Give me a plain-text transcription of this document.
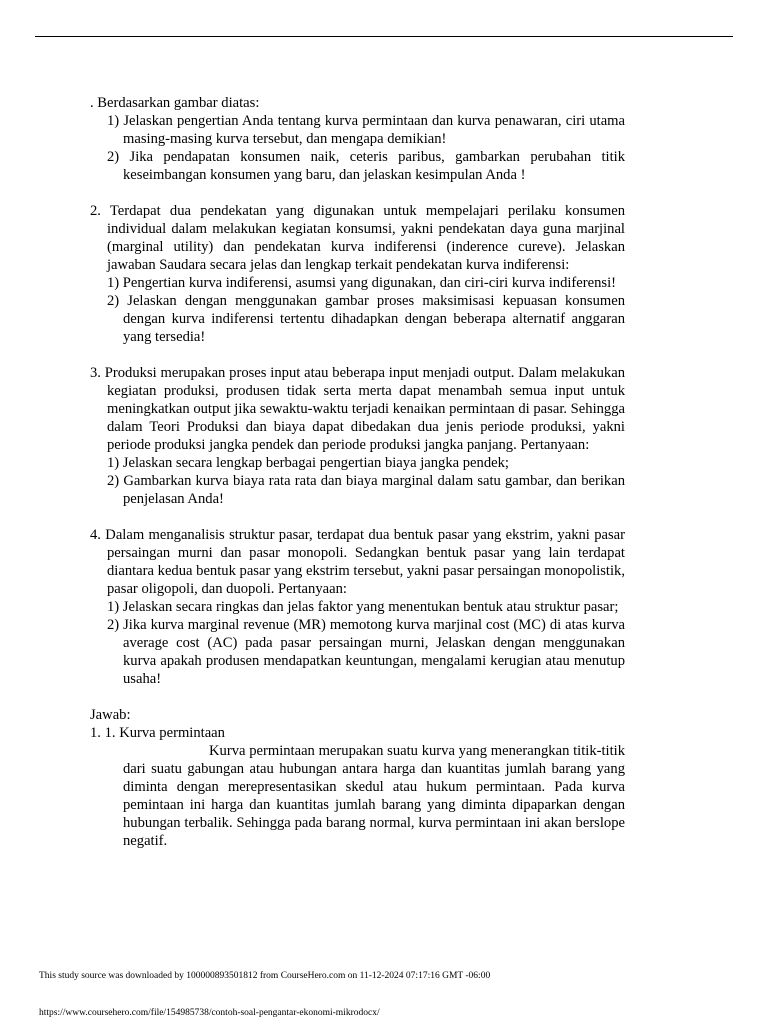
. Berdasarkan gambar diatas:

1) Jelaskan pengertian Anda tentang kurva permintaan dan kurva penawaran, ciri utama masing-masing kurva tersebut, dan mengapa demikian!

2) Jika pendapatan konsumen naik, ceteris paribus, gambarkan perubahan titik keseimbangan konsumen yang baru, dan jelaskan kesimpulan Anda !

2. Terdapat dua pendekatan yang digunakan untuk mempelajari perilaku konsumen individual dalam melakukan kegiatan konsumsi, yakni pendekatan daya guna marjinal (marginal utility) dan pendekatan kurva indiferensi (inderence cureve). Jelaskan jawaban Saudara secara jelas dan lengkap terkait pendekatan kurva indiferensi:

1) Pengertian kurva indiferensi, asumsi yang digunakan, dan ciri-ciri kurva indiferensi!

2) Jelaskan dengan menggunakan gambar proses maksimisasi kepuasan konsumen dengan kurva indiferensi tertentu dihadapkan dengan beberapa alternatif anggaran yang tersedia!

3. Produksi merupakan proses input atau beberapa input menjadi output. Dalam melakukan kegiatan produksi, produsen tidak serta merta dapat menambah semua input untuk meningkatkan output jika sewaktu-waktu terjadi kenaikan permintaan di pasar. Sehingga dalam Teori Produksi dan biaya dapat dibedakan dua jenis periode produksi, yakni periode produksi jangka pendek dan periode produksi jangka panjang. Pertanyaan:

1) Jelaskan secara lengkap berbagai pengertian biaya jangka pendek;

2) Gambarkan kurva biaya rata rata dan biaya marginal dalam satu gambar, dan berikan penjelasan Anda!

4. Dalam menganalisis struktur pasar, terdapat dua bentuk pasar yang ekstrim, yakni pasar persaingan murni dan pasar monopoli. Sedangkan bentuk pasar yang lain terdapat diantara kedua bentuk pasar yang ekstrim tersebut, yakni pasar persaingan monopolistik, pasar oligopoli, dan duopoli. Pertanyaan:

1) Jelaskan secara ringkas dan jelas faktor yang menentukan bentuk atau struktur pasar;

2) Jika kurva marginal revenue (MR) memotong kurva marjinal cost (MC) di atas kurva average cost (AC) pada pasar persaingan murni, Jelaskan dengan menggunakan kurva apakah produsen mendapatkan keuntungan, mengalami kerugian atau menutup usaha!

Jawab:

1. 1. Kurva permintaan

Kurva permintaan merupakan suatu kurva yang menerangkan titik-titik dari suatu gabungan atau hubungan antara harga dan kuantitas jumlah barang yang diminta dengan merepresentasikan skedul atau hukum permintaan. Pada kurva pemintaan ini harga dan kuantitas jumlah barang yang diminta dipaparkan dengan hubungan terbalik. Sehingga pada barang normal, kurva permintaan ini akan berslope negatif.

This study source was downloaded by 100000893501812 from CourseHero.com on 11-12-2024 07:17:16 GMT -06:00
https://www.coursehero.com/file/154985738/contoh-soal-pengantar-ekonomi-mikrodocx/
